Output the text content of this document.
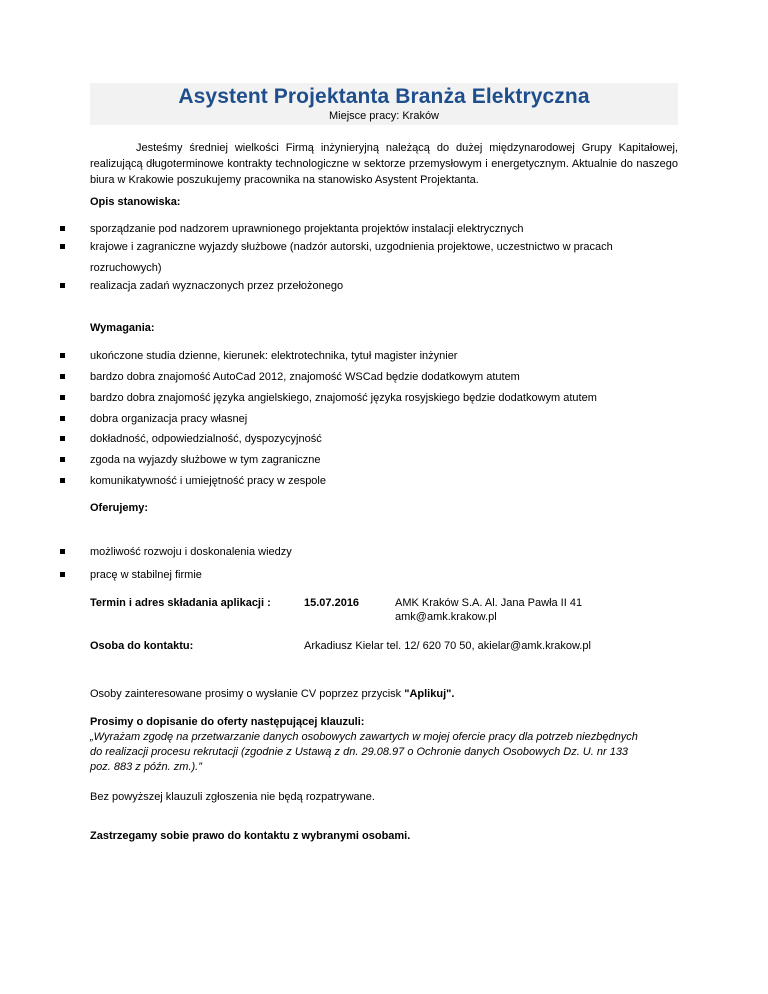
Asystent Projektanta Branża Elektryczna
Miejsce pracy: Kraków
Jesteśmy średniej wielkości Firmą inżynieryjną należącą do dużej międzynarodowej Grupy Kapitałowej, realizującą długoterminowe kontrakty technologiczne w sektorze przemysłowym i energetycznym. Aktualnie do naszego biura w Krakowie poszukujemy pracownika na stanowisko Asystent Projektanta.
Opis stanowiska:
sporządzanie pod nadzorem uprawnionego projektanta projektów instalacji elektrycznych
krajowe i zagraniczne wyjazdy służbowe (nadzór autorski, uzgodnienia projektowe, uczestnictwo w pracach
rozruchowych)
realizacja zadań wyznaczonych przez przełożonego
Wymagania:
ukończone studia dzienne, kierunek: elektrotechnika, tytuł magister inżynier
bardzo dobra znajomość AutoCad 2012, znajomość WSCad będzie dodatkowym atutem
bardzo dobra znajomość języka angielskiego, znajomość języka rosyjskiego będzie dodatkowym atutem
dobra organizacja pracy własnej
dokładność, odpowiedzialność, dyspozycyjność
zgoda na wyjazdy służbowe w tym zagraniczne
komunikatywność i umiejętność pracy w zespole
Oferujemy:
możliwość rozwoju i doskonalenia wiedzy
pracę w stabilnej firmie
Termin i adres składania aplikacji :	15.07.2016	AMK Kraków S.A. Al. Jana Pawła II 41
amk@amk.krakow.pl
Osoba do kontaktu:	Arkadiusz Kielar tel. 12/ 620 70 50, akielar@amk.krakow.pl
Osoby zainteresowane prosimy o wysłanie CV poprzez przycisk "Aplikuj".
Prosimy o dopisanie do oferty następującej klauzuli:
„Wyrażam zgodę na przetwarzanie danych osobowych zawartych w mojej ofercie pracy dla potrzeb niezbędnych
do realizacji procesu rekrutacji (zgodnie z Ustawą z dn. 29.08.97 o Ochronie danych Osobowych Dz. U. nr 133
poz. 883 z późn. zm.).”
Bez powyższej klauzuli zgłoszenia nie będą rozpatrywane.
Zastrzegamy sobie prawo do kontaktu z wybranymi osobami.
